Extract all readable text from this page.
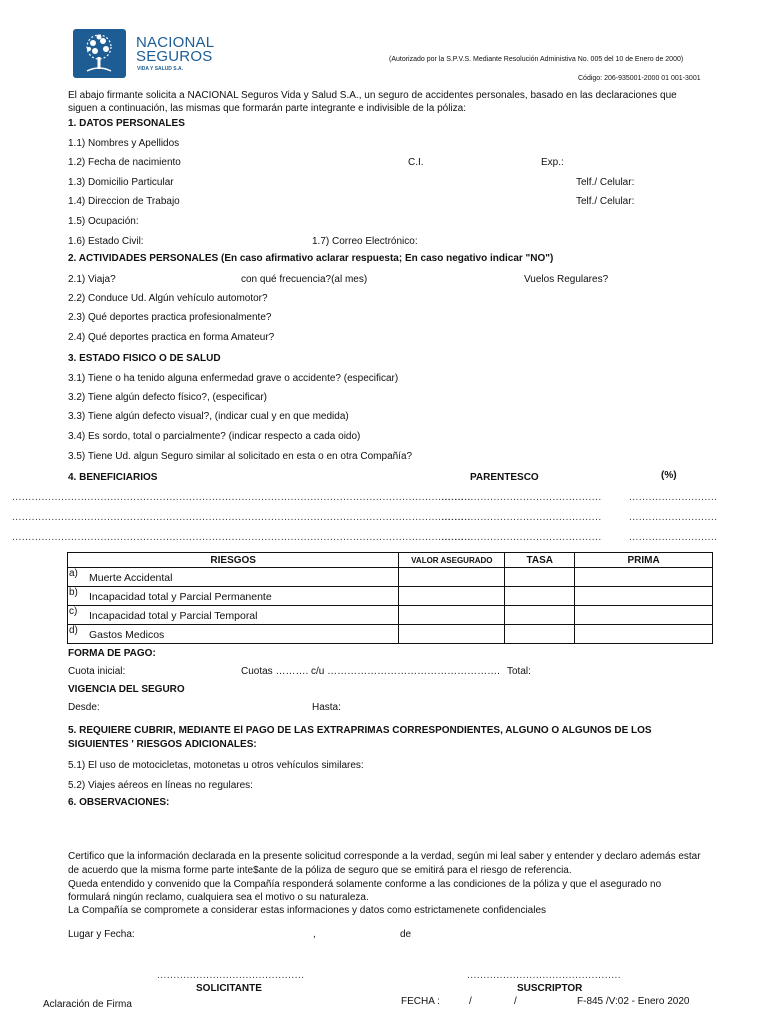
NACIONAL
SEGUROS
VIDA Y SALUD S.A.
(Autorizado por la S.P.V.S. Mediante Resolución Administiva No. 005 del 10 de Enero de 2000)
Código: 206-935001-2000 01 001-3001
El abajo firmante solicita a NACIONAL Seguros Vida y Salud S.A., un seguro de accidentes personales, basado en las declaraciones que
siguen a continuación, las mismas que formarán parte integrante e indivisible de la póliza:
1. DATOS PERSONALES
1.1) Nombres y Apellidos
1.2) Fecha de nacimiento	C.I.	Exp.:
1.3) Domicilio Particular	Telf./ Celular:
1.4) Direccion de Trabajo	Telf./ Celular:
1.5) Ocupación:
1.6) Estado Civil:	1.7) Correo Electrónico:
2. ACTIVIDADES PERSONALES (En caso afirmativo aclarar respuesta; En caso negativo indicar "NO")
2.1) Viaja?	con qué frecuencia?(al mes)	Vuelos Regulares?
2.2) Conduce Ud. Algún vehículo automotor?
2.3) Qué deportes practica profesionalmente?
2.4) Qué deportes practica en forma Amateur?
3. ESTADO FISICO O DE SALUD
3.1) Tiene o ha tenido alguna enfermedad grave o accidente? (especificar)
3.2) Tiene algún defecto físico?, (especificar)
3.3) Tiene algún defecto visual?, (indicar cual y en que medida)
3.4) Es sordo, total o parcialmente? (indicar respecto a cada oido)
3.5) Tiene Ud. algun Seguro similar al solicitado en esta o en otra Compañía?
4. BENEFICIARIOS	PARENTESCO	(%)
............................................................................................................................................
.................................................	...........................
............................................................................................................................................
.................................................	...........................
............................................................................................................................................
.................................................	...........................
RIESGOS	VALOR ASEGURADO	TASA	PRIMA

a) Muerte Accidental			

b) Incapacidad total y Parcial Permanente			

c) Incapacidad total y Parcial Temporal			

d) Gastos Medicos			

FORMA DE PAGO:
Cuota inicial:	Cuotas ………. c/u ……………………………………………. Total:
VIGENCIA DEL SEGURO
Desde:	Hasta:
5. REQUIERE CUBRIR, MEDIANTE El PAGO DE LAS EXTRAPRIMAS CORRESPONDIENTES, ALGUNO O ALGUNOS DE LOS
SIGUIENTES ' RIESGOS ADICIONALES:
5.1) El uso de motocicletas, motonetas u otros vehículos similares:
5.2) Viajes aéreos en líneas no regulares:
6. OBSERVACIONES:
Certifico que la información declarada en la presente solicitud corresponde a la verdad, según mi leal saber y entender y declaro además estar
de acuerdo que la misma forme parte inte$ante de la póliza de seguro que se emitirá para el riesgo de referencia.
Queda entendido y convenido que la Compañía responderá solamente conforme a las condiciones de la póliza y que el asegurado no
formulará ningún reclamo, cualquiera sea el motivo o su naturaleza.
La Compañía se compromete a considerar estas informaciones y datos como estrictamenete confidenciales
Lugar y Fecha:	,	de
.............................................	...............................................
SOLICITANTE	SUSCRIPTOR
Aclaración de Firma	FECHA :	/	/	F-845 /V:02 - Enero 2020
